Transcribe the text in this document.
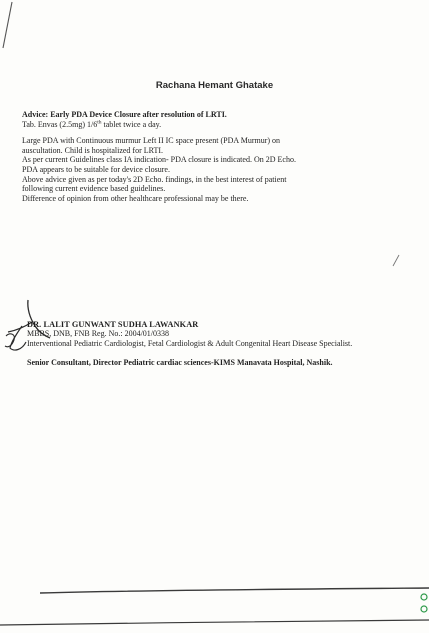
Rachana Hemant Ghatake
Advice: Early PDA Device Closure after resolution of LRTI.
Tab. Envas (2.5mg) 1/6th tablet twice a day.
Large PDA with Continuous murmur Left II IC space present (PDA Murmur) on
auscultation. Child is hospitalized for LRTI.
As per current Guidelines class IA indication- PDA closure is indicated. On 2D Echo.
PDA appears to be suitable for device closure.
Above advice given as per today's 2D Echo. findings, in the best interest of patient
following current evidence based guidelines.
Difference of opinion from other healthcare professional may be there.
DR. LALIT GUNWANT SUDHA LAWANKAR
MBBS, DNB, FNB Reg. No.: 2004/01/0338
Interventional Pediatric Cardiologist, Fetal Cardiologist & Adult Congenital Heart Disease Specialist.
Senior Consultant, Director Pediatric cardiac sciences-KIMS Manavata Hospital, Nashik.
